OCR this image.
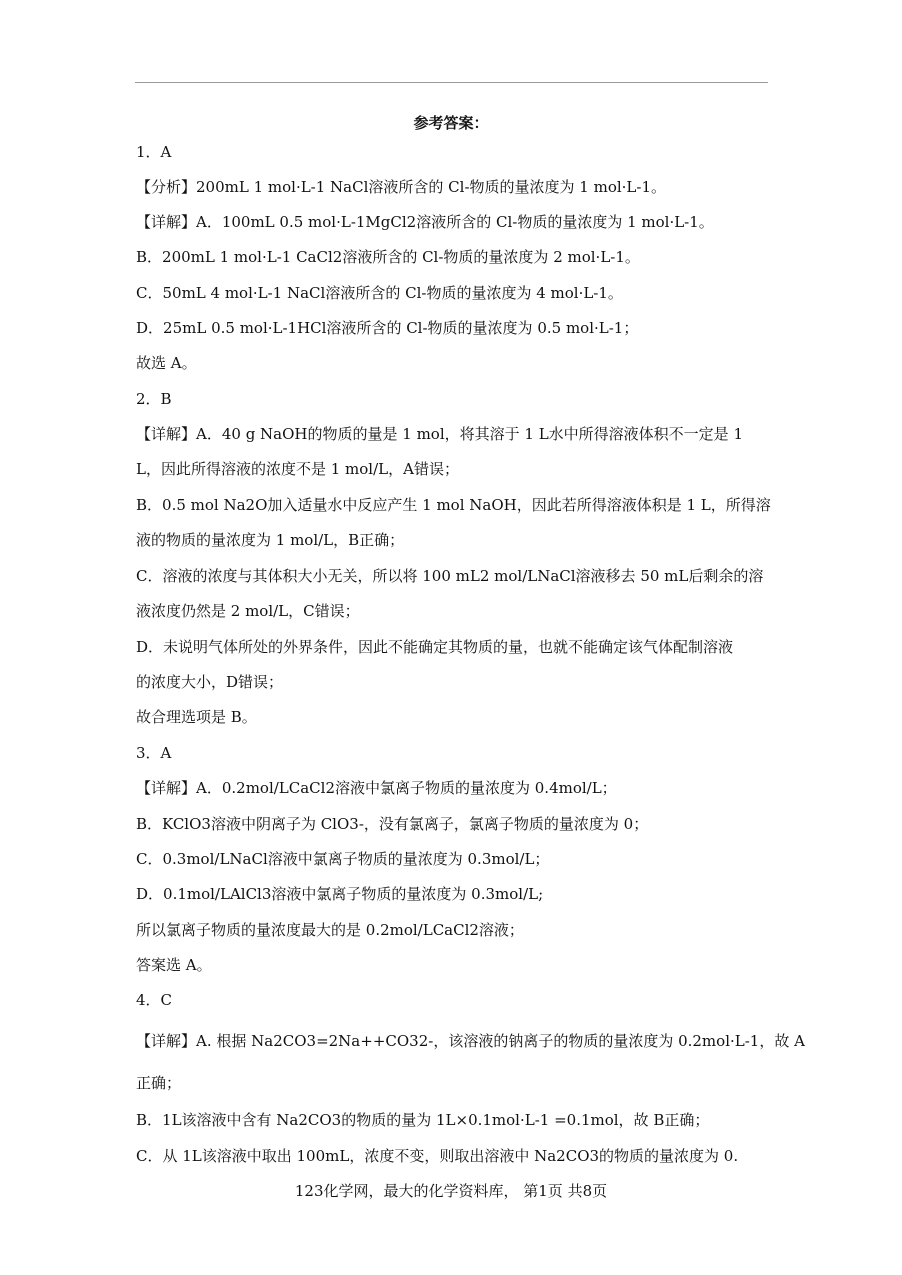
参考答案：
1．A
【分析】200mL 1 mol·L-1 NaCl溶液所含的 Cl-物质的量浓度为 1 mol·L-1。
【详解】A．100mL 0.5 mol·L-1MgCl2溶液所含的 Cl-物质的量浓度为 1 mol·L-1。
B．200mL 1 mol·L-1 CaCl2溶液所含的 Cl-物质的量浓度为 2 mol·L-1。
C．50mL 4 mol·L-1 NaCl溶液所含的 Cl-物质的量浓度为 4 mol·L-1。
D．25mL 0.5 mol·L-1HCl溶液所含的 Cl-物质的量浓度为 0.5 mol·L-1；
故选 A。
2．B
【详解】A．40 g NaOH的物质的量是 1 mol，将其溶于 1 L水中所得溶液体积不一定是 1
L，因此所得溶液的浓度不是 1 mol/L，A错误；
B．0.5 mol Na2O加入适量水中反应产生 1 mol NaOH，因此若所得溶液体积是 1 L，所得溶
液的物质的量浓度为 1 mol/L，B正确；
C．溶液的浓度与其体积大小无关，所以将 100 mL2 mol/LNaCl溶液移去 50 mL后剩余的溶
液浓度仍然是 2 mol/L，C错误；
D．未说明气体所处的外界条件，因此不能确定其物质的量，也就不能确定该气体配制溶液
的浓度大小，D错误；
故合理选项是 B。
3．A
【详解】A．0.2mol/LCaCl2溶液中氯离子物质的量浓度为 0.4mol/L；
B．KClO3溶液中阴离子为 ClO3-，没有氯离子，氯离子物质的量浓度为 0；
C．0.3mol/LNaCl溶液中氯离子物质的量浓度为 0.3mol/L；
D．0.1mol/LAlCl3溶液中氯离子物质的量浓度为 0.3mol/L;
所以氯离子物质的量浓度最大的是 0.2mol/LCaCl2溶液；
答案选 A。
4．C
【详解】A. 根据 Na2CO3=2Na++CO32-，该溶液的钠离子的物质的量浓度为 0.2mol·L-1，故 A
正确；
B．1L该溶液中含有 Na2CO3的物质的量为 1L×0.1mol·L-1 =0.1mol，故 B正确；
C．从 1L该溶液中取出 100mL，浓度不变，则取出溶液中 Na2CO3的物质的量浓度为 0.
123化学网，最大的化学资料库， 第1页 共8页
